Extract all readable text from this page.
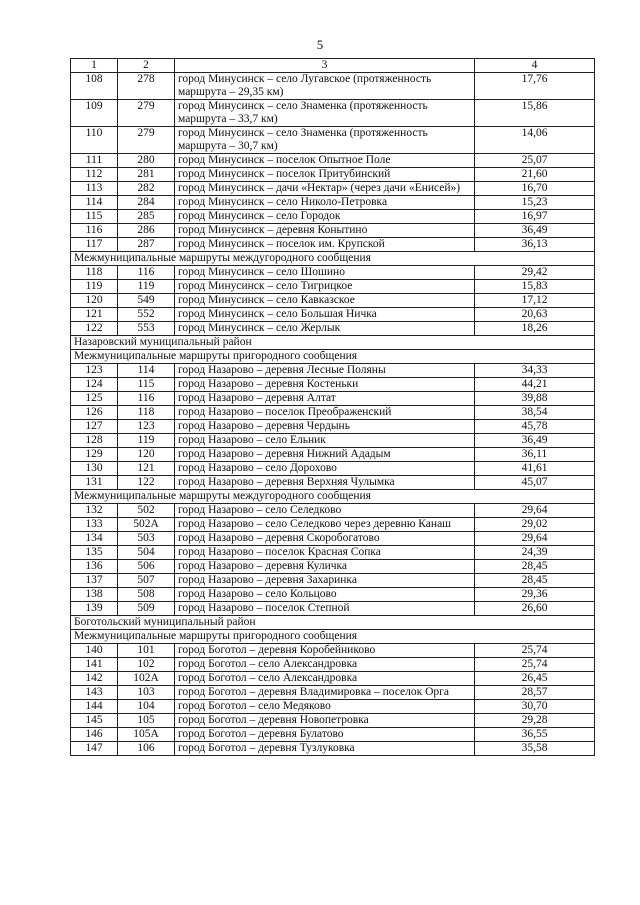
5
1	2	3	4
108	278	город Минусинск – село Лугавское (протяженность маршрута – 29,35 км)	17,76
109	279	город Минусинск – село Знаменка (протяженность маршрута – 33,7 км)	15,86
110	279	город Минусинск – село Знаменка (протяженность маршрута – 30,7 км)	14,06
111	280	город Минусинск – поселок Опытное Поле	25,07
112	281	город Минусинск – поселок Притубинский	21,60
113	282	город Минусинск – дачи «Нектар» (через дачи «Енисей»)	16,70
114	284	город Минусинск – село Николо-Петровка	15,23
115	285	город Минусинск – село Городок	16,97
116	286	город Минусинск – деревня Конытино	36,49
117	287	город Минусинск – поселок им. Крупской	36,13
Межмуниципальные маршруты междугородного сообщения			
118	116	город Минусинск – село Шошино	29,42
119	119	город Минусинск – село Тигрицкое	15,83
120	549	город Минусинск – село Кавказское	17,12
121	552	город Минусинск – село Большая Ничка	20,63
122	553	город Минусинск – село Жерлык	18,26
Назаровский муниципальный район			
Межмуниципальные маршруты пригородного сообщения			
123	114	город Назарово – деревня Лесные Поляны	34,33
124	115	город Назарово – деревня Костеньки	44,21
125	116	город Назарово – деревня Алтат	39,88
126	118	город Назарово – поселок Преображенский	38,54
127	123	город Назарово – деревня Чердынь	45,78
128	119	город Назарово – село Ельник	36,49
129	120	город Назарово – деревня Нижний Ададым	36,11
130	121	город Назарово – село Дорохово	41,61
131	122	город Назарово – деревня Верхняя Чулымка	45,07
Межмуниципальные маршруты междугородного сообщения			
132	502	город Назарово – село Селедково	29,64
133	502А	город Назарово – село Селедково через деревню Канаш	29,02
134	503	город Назарово – деревня Скоробогатово	29,64
135	504	город Назарово – поселок Красная Сопка	24,39
136	506	город Назарово – деревня Куличка	28,45
137	507	город Назарово – деревня Захаринка	28,45
138	508	город Назарово – село Кольцово	29,36
139	509	город Назарово – поселок Степной	26,60
Боготольский муниципальный район			
Межмуниципальные маршруты пригородного сообщения			
140	101	город Боготол – деревня Коробейниково	25,74
141	102	город Боготол – село Александровка	25,74
142	102А	город Боготол – село Александровка	26,45
143	103	город Боготол – деревня Владимировка – поселок Орга	28,57
144	104	город Боготол – село Медяково	30,70
145	105	город Боготол – деревня Новопетровка	29,28
146	105А	город Боготол – деревня Булатово	36,55
147	106	город Боготол – деревня Тузлуковка	35,58
